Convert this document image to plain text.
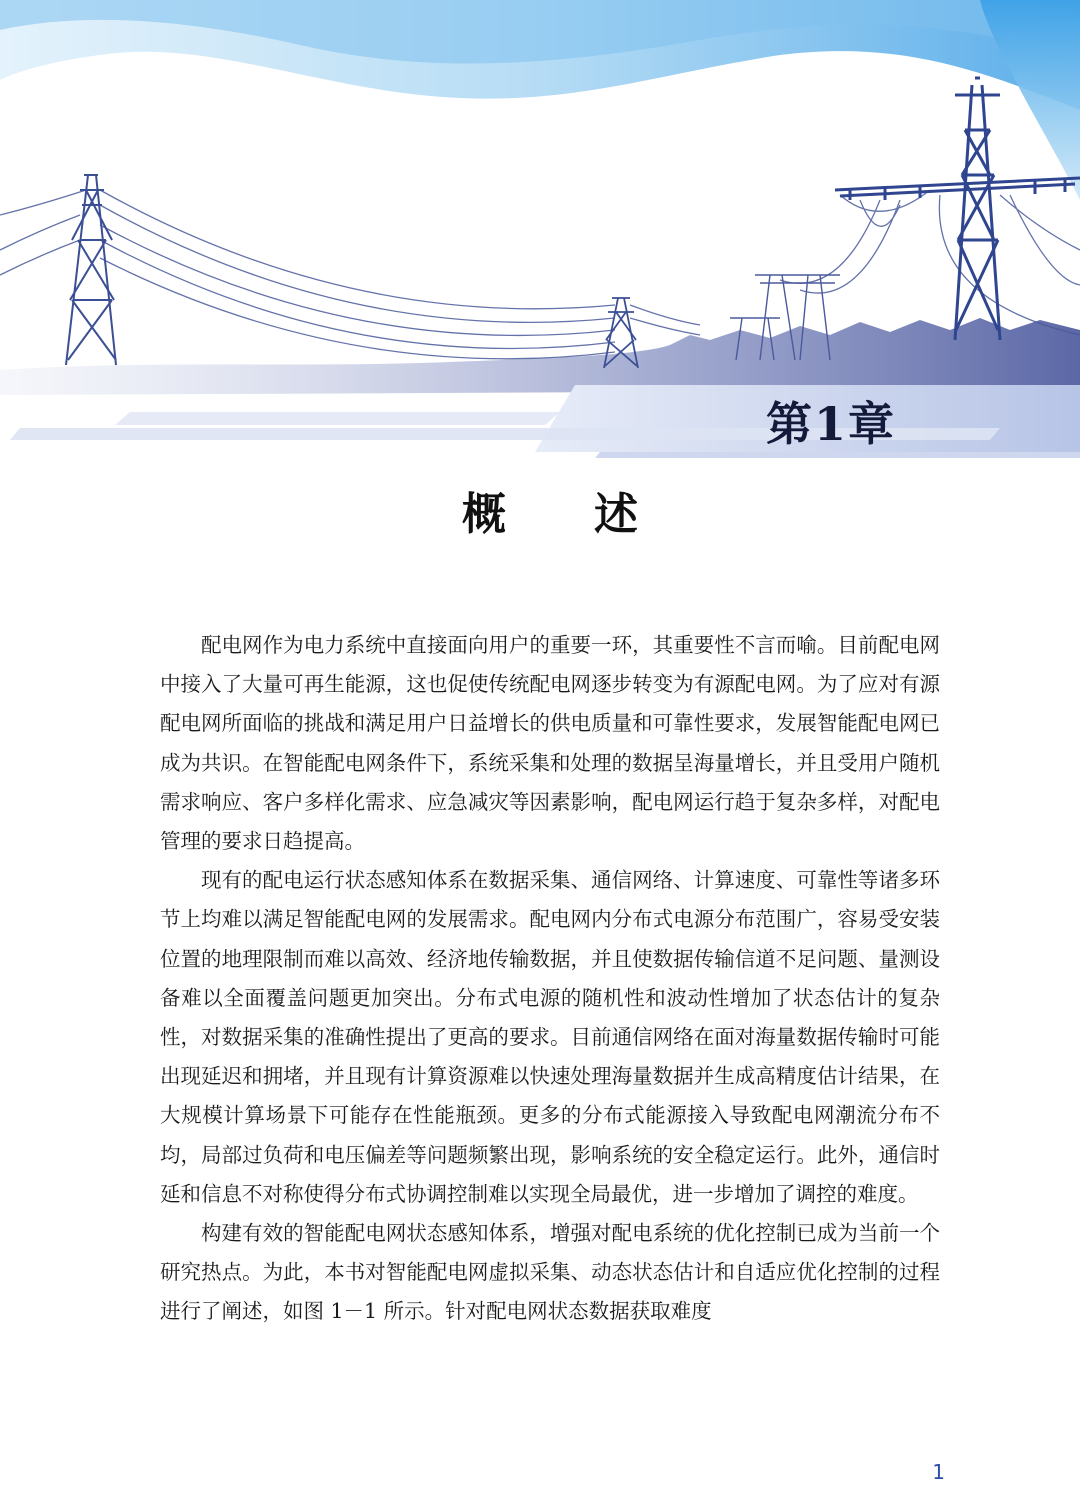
第1章
概　　述

配电网作为电力系统中直接面向用户的重要一环，其重要性不言而喻。目前配电网中接入了大量可再生能源，这也促使传统配电网逐步转变为有源配电网。为了应对有源配电网所面临的挑战和满足用户日益增长的供电质量和可靠性要求，发展智能配电网已成为共识。在智能配电网条件下，系统采集和处理的数据呈海量增长，并且受用户随机需求响应、客户多样化需求、应急减灾等因素影响，配电网运行趋于复杂多样，对配电管理的要求日趋提高。

现有的配电运行状态感知体系在数据采集、通信网络、计算速度、可靠性等诸多环节上均难以满足智能配电网的发展需求。配电网内分布式电源分布范围广，容易受安装位置的地理限制而难以高效、经济地传输数据，并且使数据传输信道不足问题、量测设备难以全面覆盖问题更加突出。分布式电源的随机性和波动性增加了状态估计的复杂性，对数据采集的准确性提出了更高的要求。目前通信网络在面对海量数据传输时可能出现延迟和拥堵，并且现有计算资源难以快速处理海量数据并生成高精度估计结果，在大规模计算场景下可能存在性能瓶颈。更多的分布式能源接入导致配电网潮流分布不均，局部过负荷和电压偏差等问题频繁出现，影响系统的安全稳定运行。此外，通信时延和信息不对称使得分布式协调控制难以实现全局最优，进一步增加了调控的难度。

构建有效的智能配电网状态感知体系，增强对配电系统的优化控制已成为当前一个研究热点。为此，本书对智能配电网虚拟采集、动态状态估计和自适应优化控制的过程进行了阐述，如图 1－1 所示。针对配电网状态数据获取难度

1
